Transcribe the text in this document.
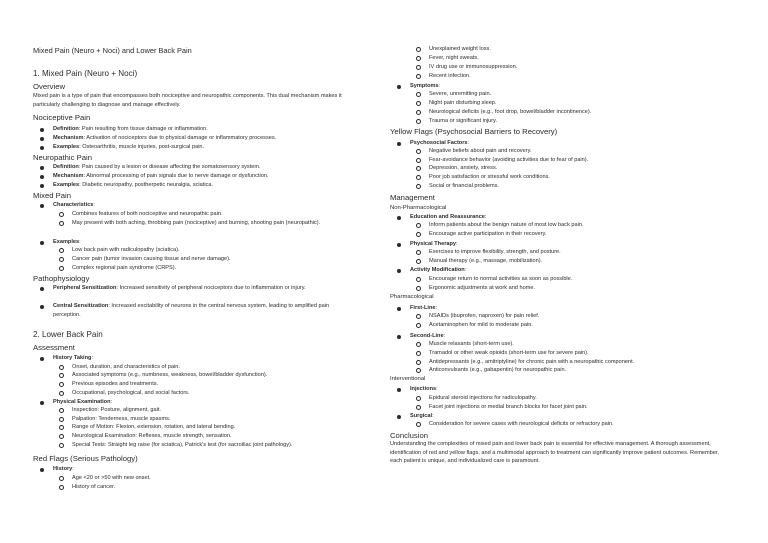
Mixed Pain (Neuro + Noci) and Lower Back Pain
1. Mixed Pain (Neuro + Noci)
Overview
Mixed pain is a type of pain that encompasses both nociceptive and neuropathic components. This dual mechanism makes it particularly challenging to diagnose and manage effectively.
Nociceptive Pain
Definition: Pain resulting from tissue damage or inflammation.
Mechanism: Activation of nociceptors due to physical damage or inflammatory processes.
Examples: Osteoarthritis, muscle injuries, post-surgical pain.
Neuropathic Pain
Definition: Pain caused by a lesion or disease affecting the somatosensory system.
Mechanism: Abnormal processing of pain signals due to nerve damage or dysfunction.
Examples: Diabetic neuropathy, postherpetic neuralgia, sciatica.
Mixed Pain
Characteristics:
Combines features of both nociceptive and neuropathic pain.
May present with both aching, throbbing pain (nociceptive) and burning, shooting pain (neuropathic).
Examples:
Low back pain with radiculopathy (sciatica).
Cancer pain (tumor invasion causing tissue and nerve damage).
Complex regional pain syndrome (CRPS).
Pathophysiology
Peripheral Sensitization: Increased sensitivity of peripheral nociceptors due to inflammation or injury.
Central Sensitization: Increased excitability of neurons in the central nervous system, leading to amplified pain perception.
2. Lower Back Pain
Assessment
History Taking:
Onset, duration, and characteristics of pain.
Associated symptoms (e.g., numbness, weakness, bowel/bladder dysfunction).
Previous episodes and treatments.
Occupational, psychological, and social factors.
Physical Examination:
Inspection: Posture, alignment, gait.
Palpation: Tenderness, muscle spasms.
Range of Motion: Flexion, extension, rotation, and lateral bending.
Neurological Examination: Reflexes, muscle strength, sensation.
Special Tests: Straight leg raise (for sciatica), Patrick's test (for sacroiliac joint pathology).
Red Flags (Serious Pathology)
History:
Age <20 or >50 with new onset.
History of cancer.
Unexplained weight loss.
Fever, night sweats.
IV drug use or immunosuppression.
Recent infection.
Symptoms:
Severe, unremitting pain.
Night pain disturbing sleep.
Neurological deficits (e.g., foot drop, bowel/bladder incontinence).
Trauma or significant injury.
Yellow Flags (Psychosocial Barriers to Recovery)
Psychosocial Factors:
Negative beliefs about pain and recovery.
Fear-avoidance behavior (avoiding activities due to fear of pain).
Depression, anxiety, stress.
Poor job satisfaction or stressful work conditions.
Social or financial problems.
Management
Non-Pharmacological
Education and Reassurance:
Inform patients about the benign nature of most low back pain.
Encourage active participation in their recovery.
Physical Therapy:
Exercises to improve flexibility, strength, and posture.
Manual therapy (e.g., massage, mobilization).
Activity Modification:
Encourage return to normal activities as soon as possible.
Ergonomic adjustments at work and home.
Pharmacological
First-Line:
NSAIDs (ibuprofen, naproxen) for pain relief.
Acetaminophen for mild to moderate pain.
Second-Line:
Muscle relaxants (short-term use).
Tramadol or other weak opioids (short-term use for severe pain).
Antidepressants (e.g., amitriptyline) for chronic pain with a neuropathic component.
Anticonvulsants (e.g., gabapentin) for neuropathic pain.
Interventional
Injections:
Epidural steroid injections for radiculopathy.
Facet joint injections or medial branch blocks for facet joint pain.
Surgical:
Consideration for severe cases with neurological deficits or refractory pain.
Conclusion
Understanding the complexities of mixed pain and lower back pain is essential for effective management. A thorough assessment, identification of red and yellow flags, and a multimodal approach to treatment can significantly improve patient outcomes. Remember, each patient is unique, and individualized care is paramount.
